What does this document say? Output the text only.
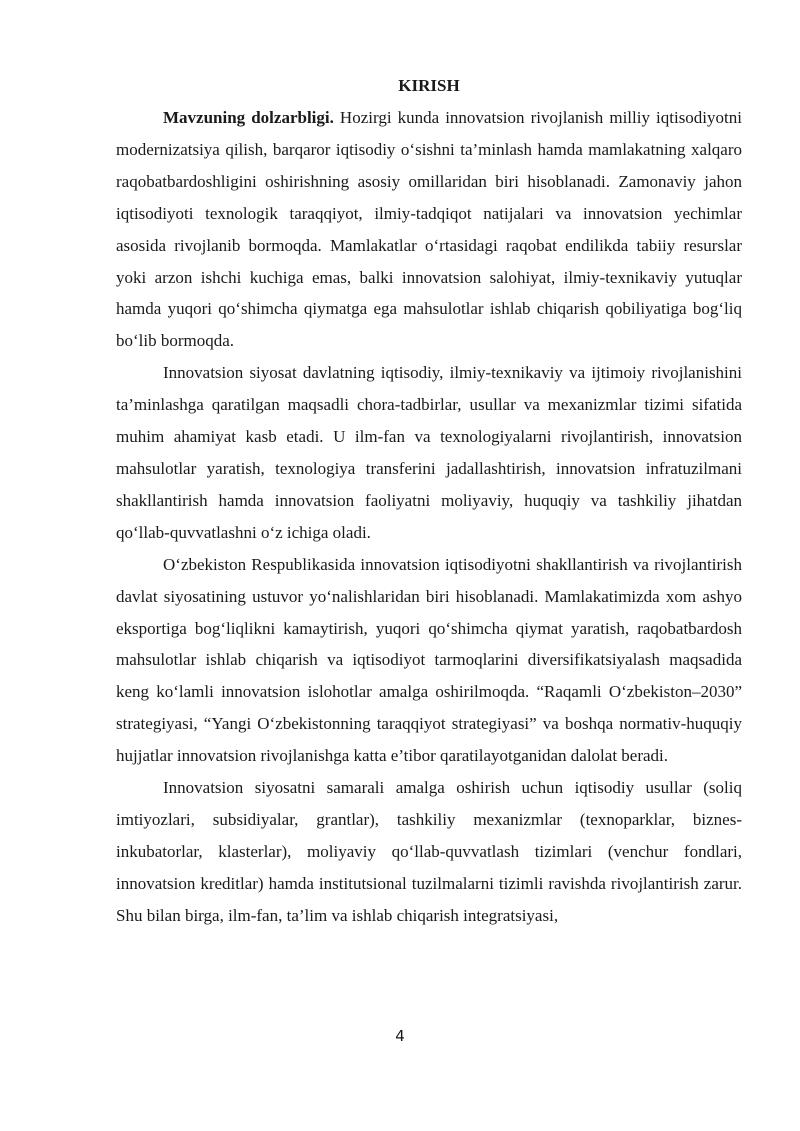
KIRISH

Mavzuning dolzarbligi. Hozirgi kunda innovatsion rivojlanish milliy iqtisodiyotni modernizatsiya qilish, barqaror iqtisodiy o‘sishni ta’minlash hamda mamlakatning xalqaro raqobatbardoshligini oshirishning asosiy omillaridan biri hisoblanadi. Zamonaviy jahon iqtisodiyoti texnologik taraqqiyot, ilmiy-tadqiqot natijalari va innovatsion yechimlar asosida rivojlanib bormoqda. Mamlakatlar o‘rtasidagi raqobat endilikda tabiiy resurslar yoki arzon ishchi kuchiga emas, balki innovatsion salohiyat, ilmiy-texnikaviy yutuqlar hamda yuqori qo‘shimcha qiymatga ega mahsulotlar ishlab chiqarish qobiliyatiga bog‘liq bo‘lib bormoqda.

Innovatsion siyosat davlatning iqtisodiy, ilmiy-texnikaviy va ijtimoiy rivojlanishini ta’minlashga qaratilgan maqsadli chora-tadbirlar, usullar va mexanizmlar tizimi sifatida muhim ahamiyat kasb etadi. U ilm-fan va texnologiyalarni rivojlantirish, innovatsion mahsulotlar yaratish, texnologiya transferini jadallashtirish, innovatsion infratuzilmani shakllantirish hamda innovatsion faoliyatni moliyaviy, huquqiy va tashkiliy jihatdan qo‘llab-quvvatlashni o‘z ichiga oladi.

O‘zbekiston Respublikasida innovatsion iqtisodiyotni shakllantirish va rivojlantirish davlat siyosatining ustuvor yo‘nalishlaridan biri hisoblanadi. Mamlakatimizda xom ashyo eksportiga bog‘liqlikni kamaytirish, yuqori qo‘shimcha qiymat yaratish, raqobatbardosh mahsulotlar ishlab chiqarish va iqtisodiyot tarmoqlarini diversifikatsiyalash maqsadida keng ko‘lamli innovatsion islohotlar amalga oshirilmoqda. “Raqamli O‘zbekiston–2030” strategiyasi, “Yangi O‘zbekistonning taraqqiyot strategiyasi” va boshqa normativ-huquqiy hujjatlar innovatsion rivojlanishga katta e’tibor qaratilayotganidan dalolat beradi.

Innovatsion siyosatni samarali amalga oshirish uchun iqtisodiy usullar (soliq imtiyozlari, subsidiyalar, grantlar), tashkiliy mexanizmlar (texnoparklar, biznes-inkubatorlar, klasterlar), moliyaviy qo‘llab-quvvatlash tizimlari (venchur fondlari, innovatsion kreditlar) hamda institutsional tuzilmalarni tizimli ravishda rivojlantirish zarur. Shu bilan birga, ilm-fan, ta’lim va ishlab chiqarish integratsiyasi,

4
